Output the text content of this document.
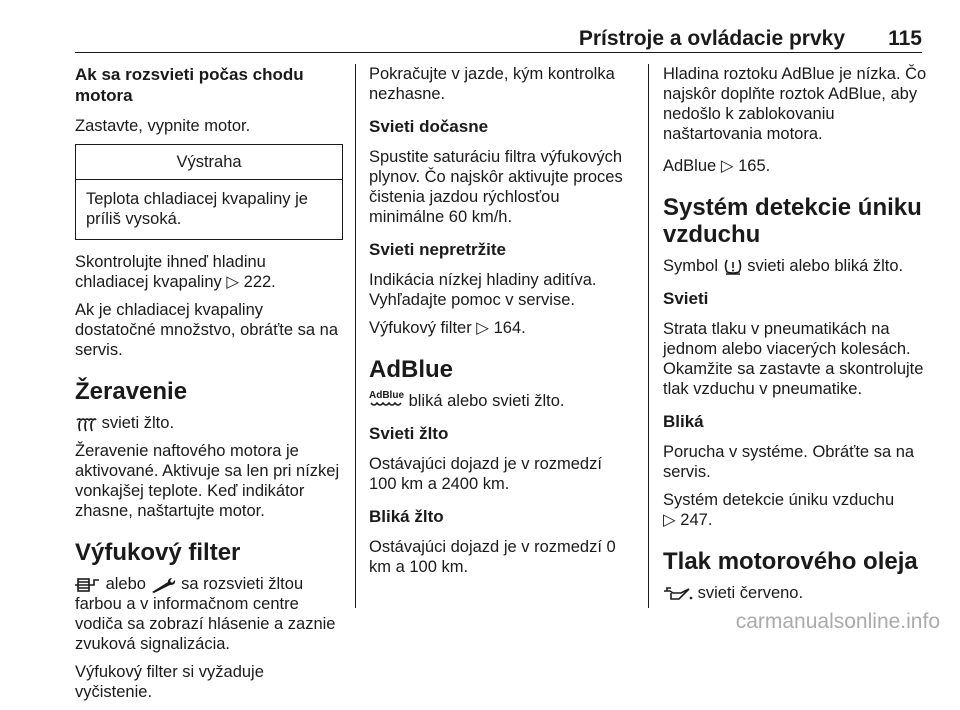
Prístroje a ovládacie prvky 115
Ak sa rozsvieti počas chodu motora

Zastavte, vypnite motor.

Výstraha
Teplota chladiacej kvapaliny je príliš vysoká.

Skontrolujte ihneď hladinu chladiacej kvapaliny ▷ 222.

Ak je chladiacej kvapaliny dostatočné množstvo, obráťte sa na servis.

Žeravenie

svieti žlto.

Žeravenie naftového motora je aktivované. Aktivuje sa len pri nízkej vonkajšej teplote. Keď indikátor zhasne, naštartujte motor.

Výfukový filter

alebo sa rozsvieti žltou farbou a v informačnom centre vodiča sa zobrazí hlásenie a zaznie zvuková signalizácia.

Výfukový filter si vyžaduje vyčistenie.

Pokračujte v jazde, kým kontrolka nezhasne.

Svieti dočasne

Spustite saturáciu filtra výfukových plynov. Čo najskôr aktivujte proces čistenia jazdou rýchlosťou minimálne 60 km/h.

Svieti nepretržite

Indikácia nízkej hladiny aditíva. Vyhľadajte pomoc v servise.

Výfukový filter ▷ 164.

AdBlue

AdBlue bliká alebo svieti žlto.

Svieti žlto

Ostávajúci dojazd je v rozmedzí 100 km a 2400 km.

Bliká žlto

Ostávajúci dojazd je v rozmedzí 0 km a 100 km.

Hladina roztoku AdBlue je nízka. Čo najskôr doplňte roztok AdBlue, aby nedošlo k zablokovaniu naštartovania motora.

AdBlue ▷ 165.

Systém detekcie úniku vzduchu

Symbol svieti alebo bliká žlto.

Svieti

Strata tlaku v pneumatikách na jednom alebo viacerých kolesách. Okamžite sa zastavte a skontrolujte tlak vzduchu v pneumatike.

Bliká

Porucha v systéme. Obráťte sa na servis.

Systém detekcie úniku vzduchu
▷ 247.

Tlak motorového oleja

svieti červeno.

carmanualsonline.info
